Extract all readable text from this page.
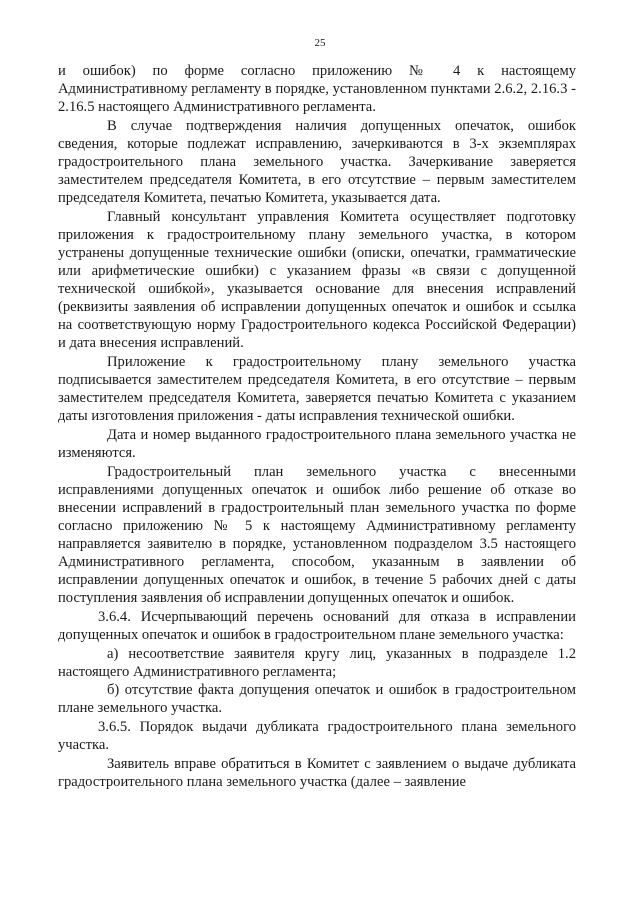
25

и ошибок) по форме согласно приложению № 4 к настоящему Административному регламенту в порядке, установленном пунктами 2.6.2, 2.16.3 - 2.16.5 настоящего Административного регламента.

В случае подтверждения наличия допущенных опечаток, ошибок сведения, которые подлежат исправлению, зачеркиваются в 3-х экземплярах градостроительного плана земельного участка. Зачеркивание заверяется заместителем председателя Комитета, в его отсутствие – первым заместителем председателя Комитета, печатью Комитета, указывается дата.

Главный консультант управления Комитета осуществляет подготовку приложения к градостроительному плану земельного участка, в котором устранены допущенные технические ошибки (описки, опечатки, грамматические или арифметические ошибки) с указанием фразы «в связи с допущенной технической ошибкой», указывается основание для внесения исправлений (реквизиты заявления об исправлении допущенных опечаток и ошибок и ссылка на соответствующую норму Градостроительного кодекса Российской Федерации) и дата внесения исправлений.

Приложение к градостроительному плану земельного участка подписывается заместителем председателя Комитета, в его отсутствие – первым заместителем председателя Комитета, заверяется печатью Комитета с указанием даты изготовления приложения - даты исправления технической ошибки.

Дата и номер выданного градостроительного плана земельного участка не изменяются.

Градостроительный план земельного участка с внесенными исправлениями допущенных опечаток и ошибок либо решение об отказе во внесении исправлений в градостроительный план земельного участка по форме согласно приложению № 5 к настоящему Административному регламенту направляется заявителю в порядке, установленном подразделом 3.5 настоящего Административного регламента, способом, указанным в заявлении об исправлении допущенных опечаток и ошибок, в течение 5 рабочих дней с даты поступления заявления об исправлении допущенных опечаток и ошибок.

3.6.4. Исчерпывающий перечень оснований для отказа в исправлении допущенных опечаток и ошибок в градостроительном плане земельного участка:

а) несоответствие заявителя кругу лиц, указанных в подразделе 1.2 настоящего Административного регламента;

б) отсутствие факта допущения опечаток и ошибок в градостроительном плане земельного участка.

3.6.5. Порядок выдачи дубликата градостроительного плана земельного участка.

Заявитель вправе обратиться в Комитет с заявлением о выдаче дубликата градостроительного плана земельного участка (далее – заявление
